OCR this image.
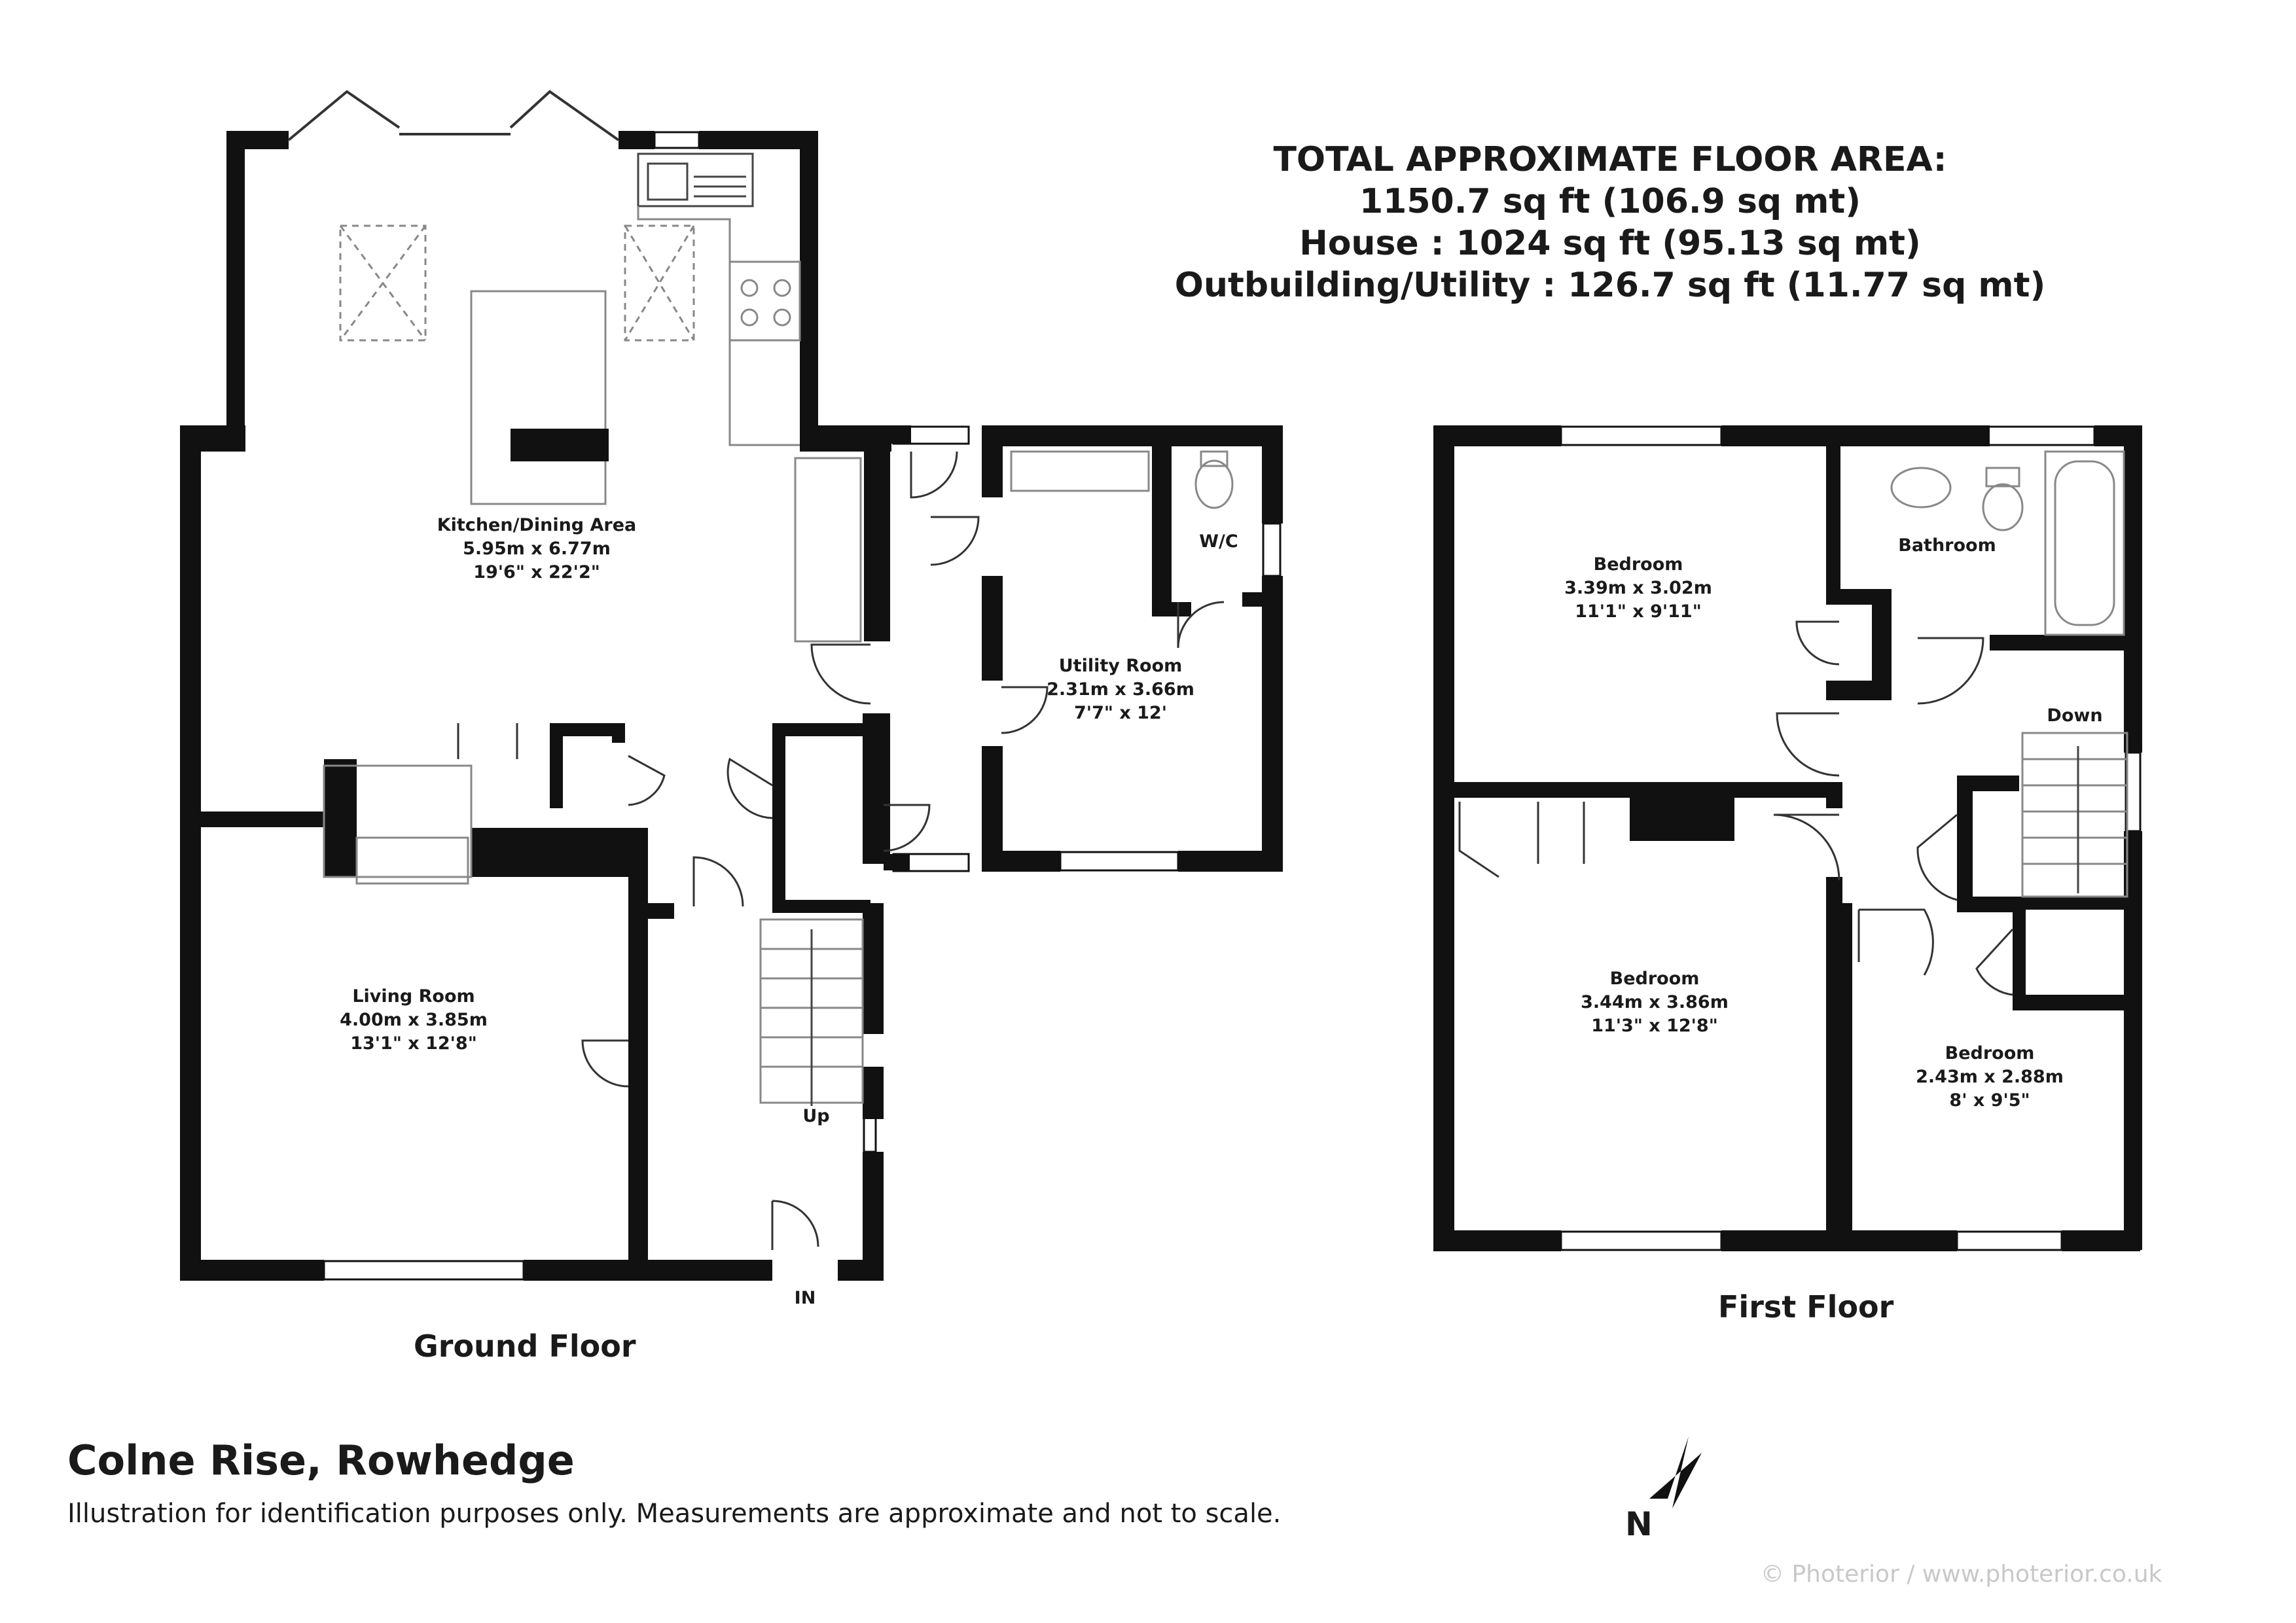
TOTAL APPROXIMATE FLOOR AREA:
1150.7 sq ft (106.9 sq mt)
House : 1024 sq ft (95.13 sq mt)
Outbuilding/Utility : 126.7 sq ft (11.77 sq mt)
Kitchen/Dining Area
5.95m x 6.77m
19'6" x 22'2"
Living Room
4.00m x 3.85m
13'1" x 12'8"
Utility Room
2.31m x 3.66m
7'7" x 12'
W/C
Up
IN
Ground Floor
Bedroom
3.39m x 3.02m
11'1" x 9'11"
Bedroom
3.44m x 3.86m
11'3" x 12'8"
Bedroom
2.43m x 2.88m
8' x 9'5"
Bathroom
Down
First Floor
Colne Rise, Rowhedge
Illustration for identification purposes only. Measurements are approximate and not to scale.	N
© Photerior / www.photerior.co.uk
